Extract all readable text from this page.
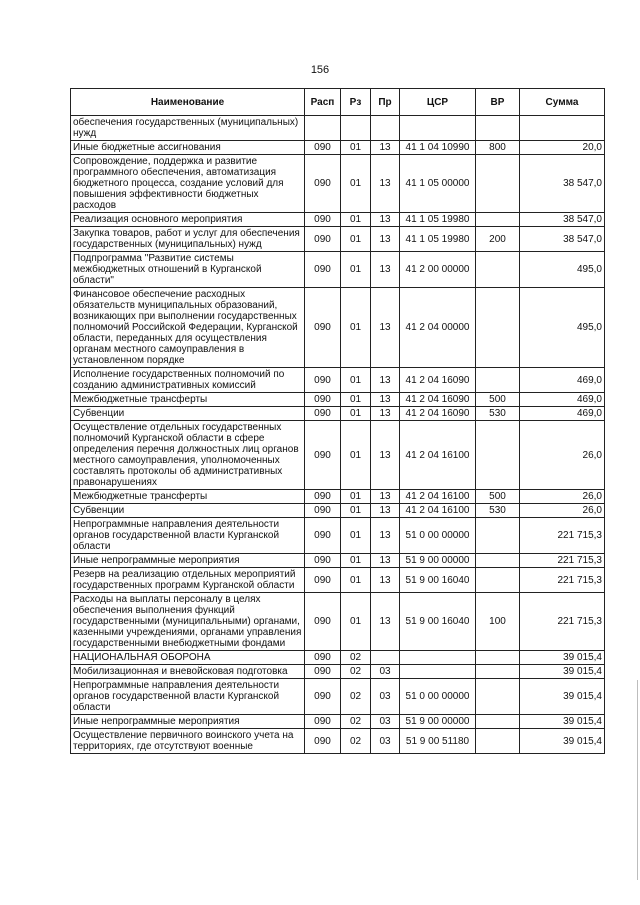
156
Наименование	Расп	Рз	Пр	ЦСР	ВР	Сумма
обеспечения государственных (муниципальных) нужд						
Иные бюджетные ассигнования	090	01	13	41 1 04 10990	800	20,0
Сопровождение, поддержка и развитие программного обеспечения, автоматизация бюджетного процесса, создание условий для повышения эффективности бюджетных расходов	090	01	13	41 1 05 00000		38 547,0
Реализация основного мероприятия	090	01	13	41 1 05 19980		38 547,0
Закупка товаров, работ и услуг для обеспечения государственных (муниципальных) нужд	090	01	13	41 1 05 19980	200	38 547,0
Подпрограмма "Развитие системы межбюджетных отношений в Курганской области"	090	01	13	41 2 00 00000		495,0
Финансовое обеспечение расходных обязательств муниципальных образований, возникающих при выполнении государственных полномочий Российской Федерации, Курганской области, переданных для осуществления органам местного самоуправления в установленном порядке	090	01	13	41 2 04 00000		495,0
Исполнение государственных полномочий по созданию административных комиссий	090	01	13	41 2 04 16090		469,0
Межбюджетные трансферты	090	01	13	41 2 04 16090	500	469,0
Субвенции	090	01	13	41 2 04 16090	530	469,0
Осуществление отдельных государственных полномочий Курганской области в сфере определения перечня должностных лиц органов местного самоуправления, уполномоченных составлять протоколы об административных правонарушениях	090	01	13	41 2 04 16100		26,0
Межбюджетные трансферты	090	01	13	41 2 04 16100	500	26,0
Субвенции	090	01	13	41 2 04 16100	530	26,0
Непрограммные направления деятельности органов государственной власти Курганской области	090	01	13	51 0 00 00000		221 715,3
Иные непрограммные мероприятия	090	01	13	51 9 00 00000		221 715,3
Резерв на реализацию отдельных мероприятий государственных программ Курганской области	090	01	13	51 9 00 16040		221 715,3
Расходы на выплаты персоналу в целях обеспечения выполнения функций государственными (муниципальными) органами, казенными учреждениями, органами управления государственными внебюджетными фондами	090	01	13	51 9 00 16040	100	221 715,3
НАЦИОНАЛЬНАЯ ОБОРОНА	090	02				39 015,4
Мобилизационная и вневойсковая подготовка	090	02	03			39 015,4
Непрограммные направления деятельности органов государственной власти Курганской области	090	02	03	51 0 00 00000		39 015,4
Иные непрограммные мероприятия	090	02	03	51 9 00 00000		39 015,4
Осуществление первичного воинского учета на территориях, где отсутствуют военные	090	02	03	51 9 00 51180		39 015,4
